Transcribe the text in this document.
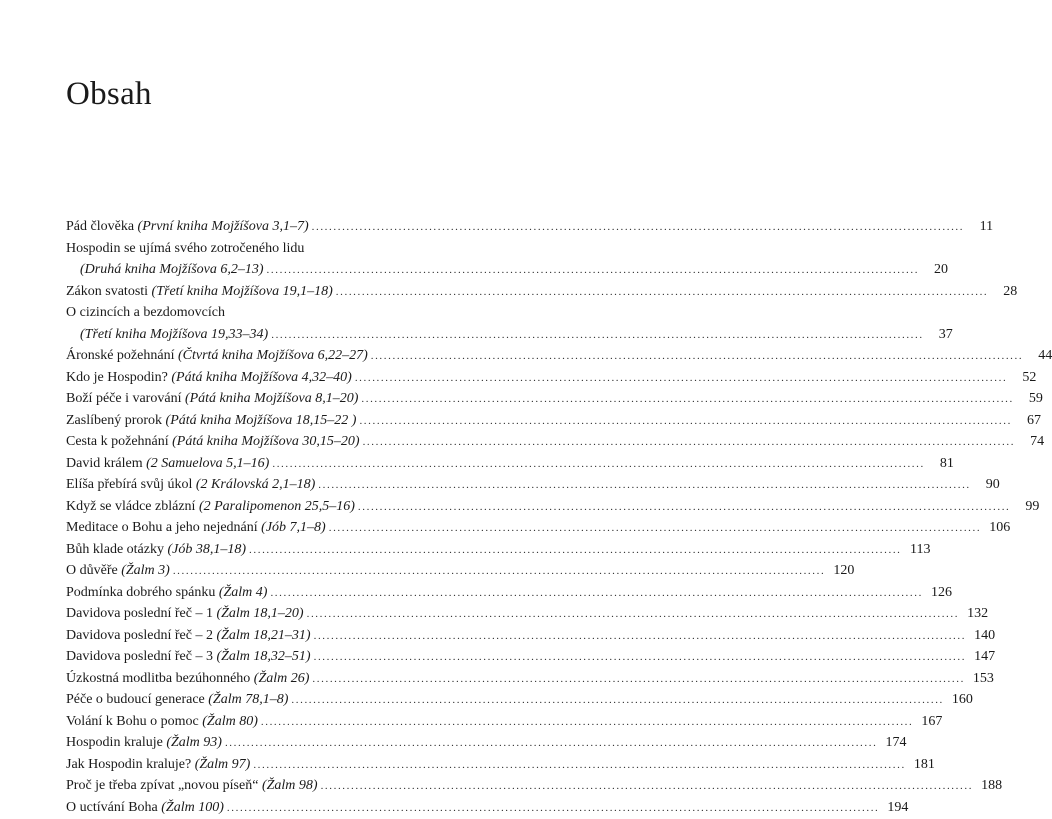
Obsah
Pád člověka (První kniha Mojžíšova 3,1–7) .....	11
Hospodin se ujímá svého zotročeného lidu
(Druhá kniha Mojžíšova 6,2–13) .....	20
Zákon svatosti (Třetí kniha Mojžíšova 19,1–18) .....	28
O cizincích a bezdomovcích
(Třetí kniha Mojžíšova 19,33–34) .....	37
Áronské požehnání (Čtvrtá kniha Mojžíšova 6,22–27) .....	44
Kdo je Hospodin? (Pátá kniha Mojžíšova 4,32–40) .....	52
Boží péče i varování (Pátá kniha Mojžíšova 8,1–20) .....	59
Zaslíbený prorok (Pátá kniha Mojžíšova 18,15–22 ) .....	67
Cesta k požehnání (Pátá kniha Mojžíšova 30,15–20) .....	74
David králem (2 Samuelova 5,1–16) .....	81
Elíša přebírá svůj úkol (2 Královská 2,1–18) .....	90
Když se vládce zblázní (2 Paralipomenon 25,5–16) .....	99
Meditace o Bohu a jeho nejednání (Jób 7,1–8) .....	106
Bůh klade otázky (Jób 38,1–18) .....	113
O důvěře (Žalm 3) .....	120
Podmínka dobrého spánku (Žalm 4) .....	126
Davidova poslední řeč – 1 (Žalm 18,1–20) .....	132
Davidova poslední řeč – 2 (Žalm 18,21–31) .....	140
Davidova poslední řeč – 3 (Žalm 18,32–51) .....	147
Úzkostná modlitba bezúhonného (Žalm 26) .....	153
Péče o budoucí generace (Žalm 78,1–8) .....	160
Volání k Bohu o pomoc (Žalm 80) .....	167
Hospodin kraluje (Žalm 93) .....	174
Jak Hospodin kraluje? (Žalm 97) .....	181
Proč je třeba zpívat „novou píseň“ (Žalm 98) .....	188
O uctívání Boha (Žalm 100) .....	194
